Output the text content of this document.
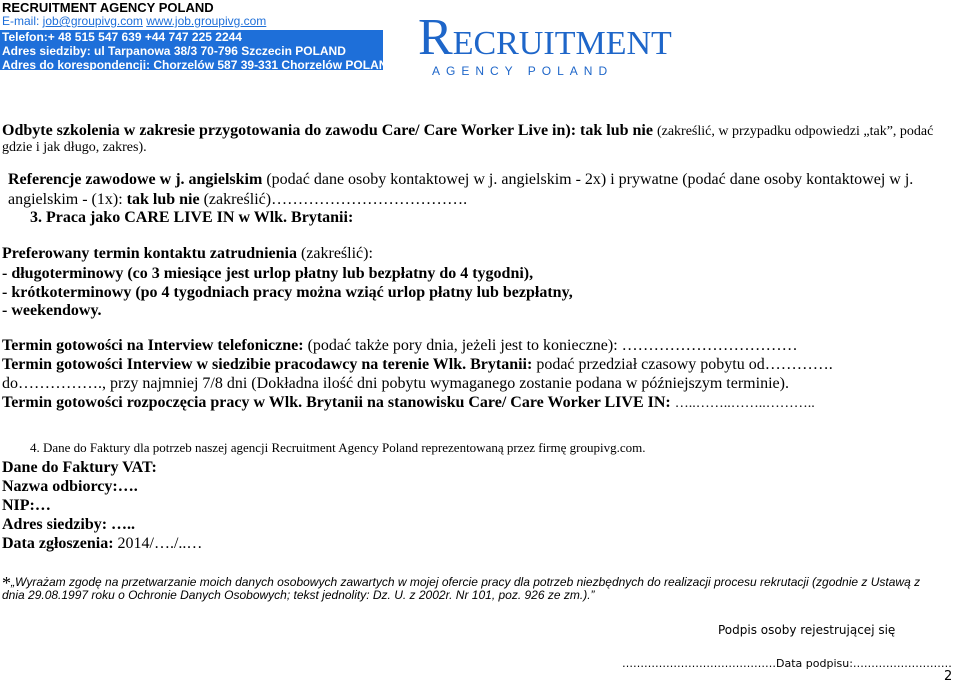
RECRUITMENT AGENCY POLAND
E-mail: job@groupivg.com www.job.groupivg.com
Telefon:+ 48 515 547 639 +44 747 225 2244
Adres siedziby: ul Tarpanowa 38/3 70-796 Szczecin POLAND
Adres do korespondencji: Chorzelów 587 39-331 Chorzelów POLAND RECRUITMENT
AGENCY POLAND
Odbyte szkolenia w zakresie przygotowania do zawodu Care/ Care Worker Live in): tak lub nie (zakreślić, w przypadku odpowiedzi „tak”, podać
gdzie i jak długo, zakres).
Referencje zawodowe w j. angielskim (podać dane osoby kontaktowej w j. angielskim - 2x) i prywatne (podać dane osoby kontaktowej w j.
angielskim - (1x): tak lub nie (zakreślić)……………………………….
3. Praca jako CARE LIVE IN w Wlk. Brytanii:
Preferowany termin kontaktu zatrudnienia (zakreślić):
- długoterminowy (co 3 miesiące jest urlop płatny lub bezpłatny do 4 tygodni),
- krótkoterminowy (po 4 tygodniach pracy można wziąć urlop płatny lub bezpłatny,
- weekendowy.
Termin gotowości na Interview telefoniczne: (podać także pory dnia, jeżeli jest to konieczne): ……………………………
Termin gotowości Interview w siedzibie pracodawcy na terenie Wlk. Brytanii: podać przedział czasowy pobytu od………….
do……………., przy najmniej 7/8 dni (Dokładna ilość dni pobytu wymaganego zostanie podana w późniejszym terminie).
Termin gotowości rozpoczęcia pracy w Wlk. Brytanii na stanowisku Care/ Care Worker LIVE IN: …..……..……..………..
4. Dane do Faktury dla potrzeb naszej agencji Recruitment Agency Poland reprezentowaną przez firmę groupivg.com.
Dane do Faktury VAT:
Nazwa odbiorcy:….
NIP:…
Adres siedziby: …..
Data zgłoszenia: 2014/…./..…
*„Wyrażam zgodę na przetwarzanie moich danych osobowych zawartych w mojej ofercie pracy dla potrzeb niezbędnych do realizacji procesu rekrutacji (zgodnie z Ustawą z
dnia 29.08.1997 roku o Ochronie Danych Osobowych; tekst jednolity: Dz. U. z 2002r. Nr 101, poz. 926 ze zm.).”
Podpis osoby rejestrującej się
……………………………………Data podpisu:………………………
2
